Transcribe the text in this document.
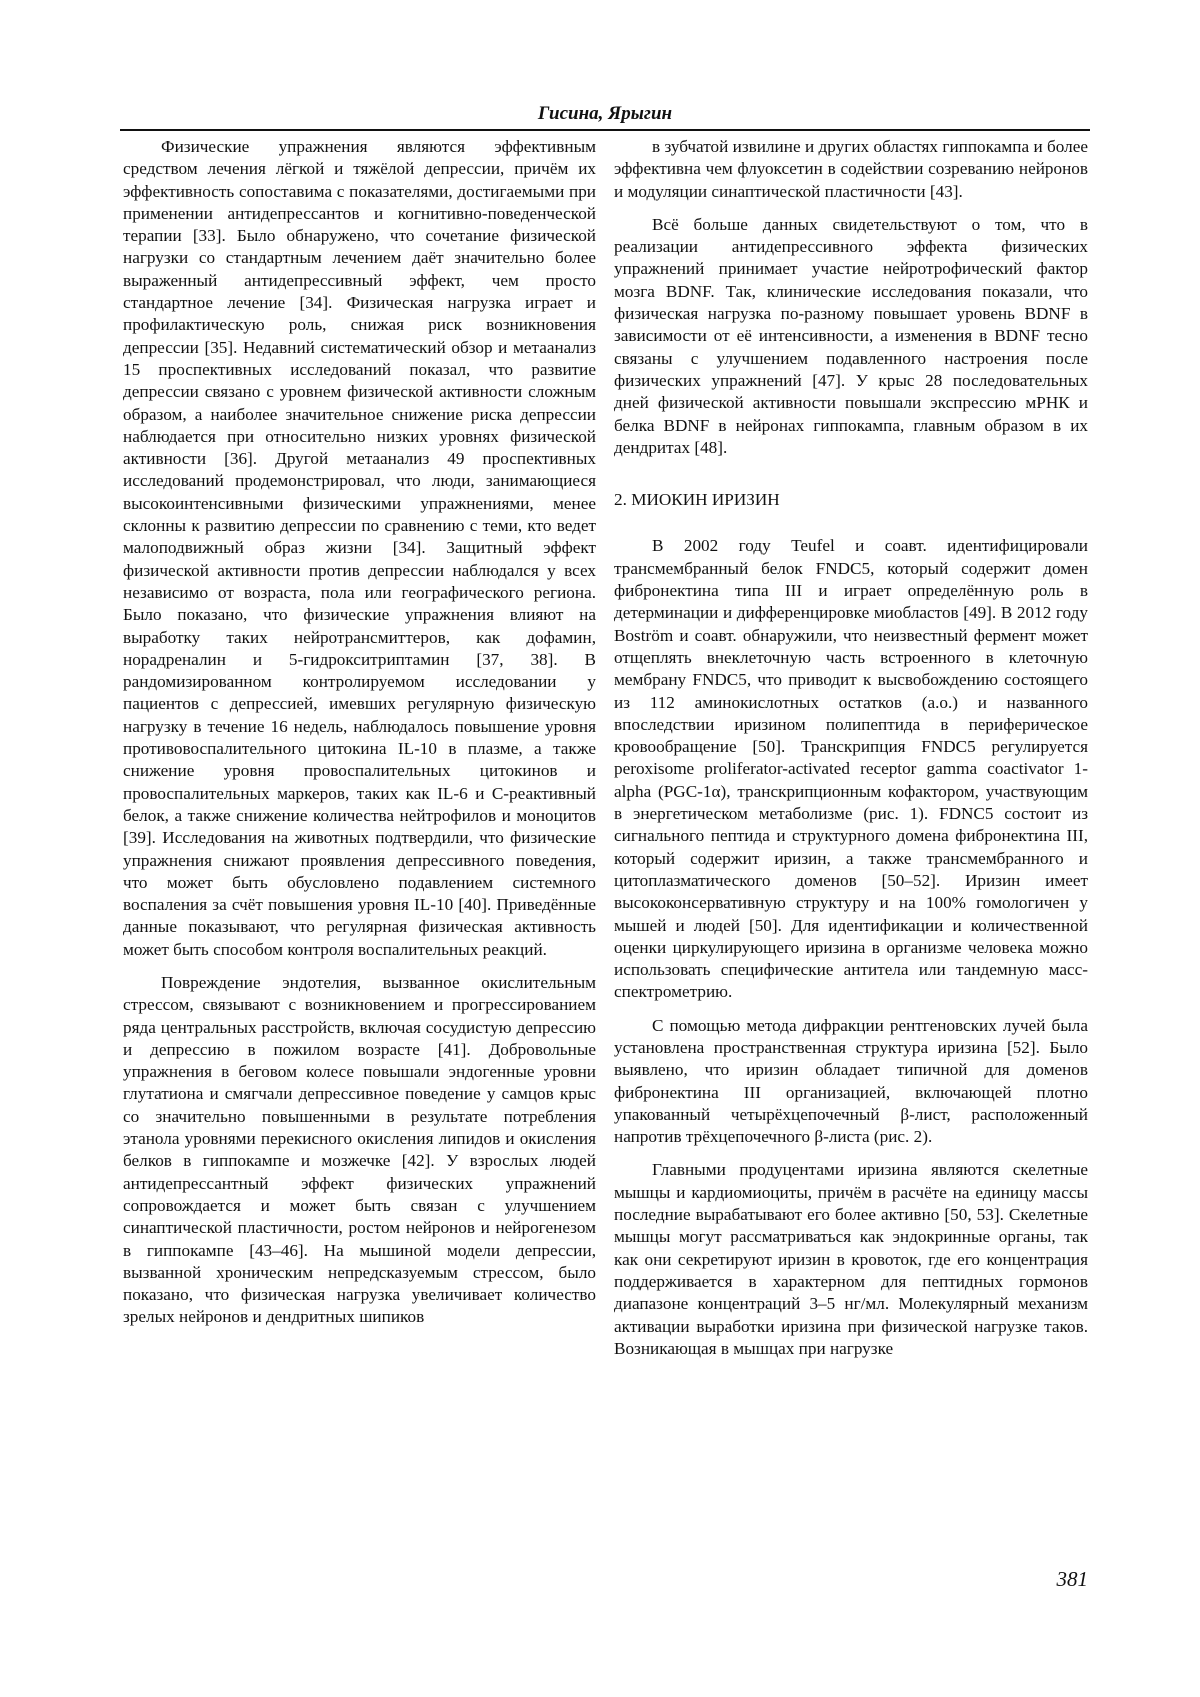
Гисина, Ярыгин

Физические упражнения являются эффективным средством лечения лёгкой и тяжёлой депрессии, причём их эффективность сопоставима с показателями, достигаемыми при применении антидепрессантов и когнитивно-поведенческой терапии [33]. Было обнаружено, что сочетание физической нагрузки со стандартным лечением даёт значительно более выраженный антидепрессивный эффект, чем просто стандартное лечение [34]. Физическая нагрузка играет и профилактическую роль, снижая риск возникновения депрессии [35]. Недавний систематический обзор и метаанализ 15 проспективных исследований показал, что развитие депрессии связано с уровнем физической активности сложным образом, а наиболее значительное снижение риска депрессии наблюдается при относительно низких уровнях физической активности [36]. Другой метаанализ 49 проспективных исследований продемонстрировал, что люди, занимающиеся высокоинтенсивными физическими упражнениями, менее склонны к развитию депрессии по сравнению с теми, кто ведет малоподвижный образ жизни [34]. Защитный эффект физической активности против депрессии наблюдался у всех независимо от возраста, пола или географического региона. Было показано, что физические упражнения влияют на выработку таких нейротрансмиттеров, как дофамин, норадреналин и 5-гидрокситриптамин [37, 38]. В рандомизированном контролируемом исследовании у пациентов с депрессией, имевших регулярную физическую нагрузку в течение 16 недель, наблюдалось повышение уровня противовоспалительного цитокина IL-10 в плазме, а также снижение уровня провоспалительных цитокинов и провоспалительных маркеров, таких как IL-6 и С-реактивный белок, а также снижение количества нейтрофилов и моноцитов [39]. Исследования на животных подтвердили, что физические упражнения снижают проявления депрессивного поведения, что может быть обусловлено подавлением системного воспаления за счёт повышения уровня IL-10 [40]. Приведённые данные показывают, что регулярная физическая активность может быть способом контроля воспалительных реакций.

Повреждение эндотелия, вызванное окислительным стрессом, связывают с возникновением и прогрессированием ряда центральных расстройств, включая сосудистую депрессию и депрессию в пожилом возрасте [41]. Добровольные упражнения в беговом колесе повышали эндогенные уровни глутатиона и смягчали депрессивное поведение у самцов крыс со значительно повышенными в результате потребления этанола уровнями перекисного окисления липидов и окисления белков в гиппокампе и мозжечке [42]. У взрослых людей антидепрессантный эффект физических упражнений сопровождается и может быть связан с улучшением синаптической пластичности, ростом нейронов и нейрогенезом в гиппокампе [43–46]. На мышиной модели депрессии, вызванной хроническим непредсказуемым стрессом, было показано, что физическая нагрузка увеличивает количество зрелых нейронов и дендритных шипиков

в зубчатой извилине и других областях гиппокампа и более эффективна чем флуоксетин в содействии созреванию нейронов и модуляции синаптической пластичности [43].

Всё больше данных свидетельствуют о том, что в реализации антидепрессивного эффекта физических упражнений принимает участие нейротрофический фактор мозга BDNF. Так, клинические исследования показали, что физическая нагрузка по-разному повышает уровень BDNF в зависимости от её интенсивности, а изменения в BDNF тесно связаны с улучшением подавленного настроения после физических упражнений [47]. У крыс 28 последовательных дней физической активности повышали экспрессию мРНК и белка BDNF в нейронах гиппокампа, главным образом в их дендритах [48].

2. МИОКИН ИРИЗИН

В 2002 году Teufel и соавт. идентифицировали трансмембранный белок FNDC5, который содержит домен фибронектина типа III и играет определённую роль в детерминации и дифференцировке миобластов [49]. В 2012 году Boström и соавт. обнаружили, что неизвестный фермент может отщеплять внеклеточную часть встроенного в клеточную мембрану FNDC5, что приводит к высвобождению состоящего из 112 аминокислотных остатков (а.о.) и названного впоследствии иризином полипептида в периферическое кровообращение [50]. Транскрипция FNDC5 регулируется peroxisome proliferator-activated receptor gamma coactivator 1-alpha (PGC-1α), транскрипционным кофактором, участвующим в энергетическом метаболизме (рис. 1). FDNC5 состоит из сигнального пептида и структурного домена фибронектина III, который содержит иризин, а также трансмембранного и цитоплазматического доменов [50–52]. Иризин имеет высококонсервативную структуру и на 100% гомологичен у мышей и людей [50]. Для идентификации и количественной оценки циркулирующего иризина в организме человека можно использовать специфические антитела или тандемную масс-спектрометрию.

С помощью метода дифракции рентгеновских лучей была установлена пространственная структура иризина [52]. Было выявлено, что иризин обладает типичной для доменов фибронектина III организацией, включающей плотно упакованный четырёхцепочечный β-лист, расположенный напротив трёхцепочечного β-листа (рис. 2).

Главными продуцентами иризина являются скелетные мышцы и кардиомиоциты, причём в расчёте на единицу массы последние вырабатывают его более активно [50, 53]. Скелетные мышцы могут рассматриваться как эндокринные органы, так как они секретируют иризин в кровоток, где его концентрация поддерживается в характерном для пептидных гормонов диапазоне концентраций 3–5 нг/мл. Молекулярный механизм активации выработки иризина при физической нагрузке таков. Возникающая в мышцах при нагрузке

381
